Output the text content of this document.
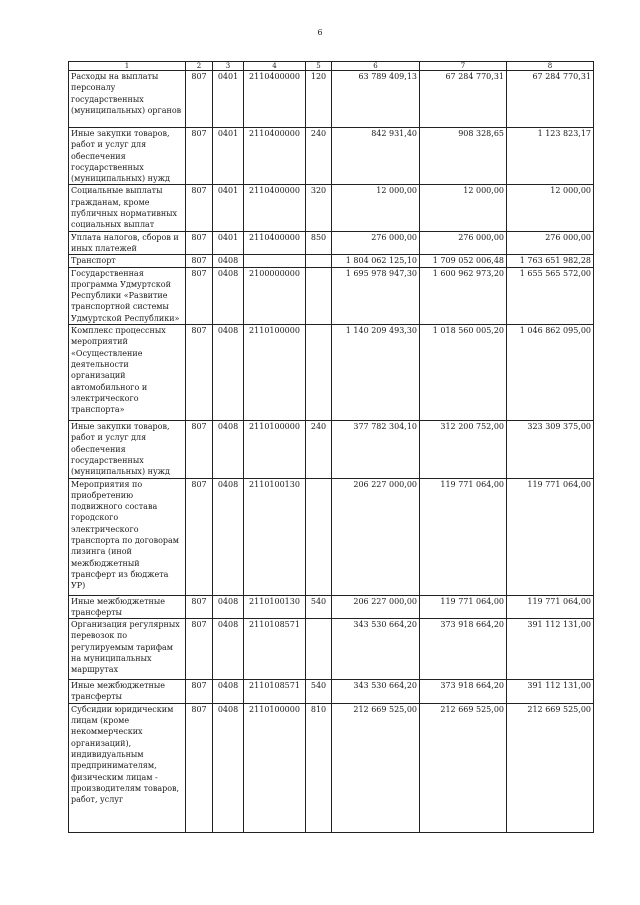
6
1	2	3	4	5	6	7	8
Расходы на выплаты персоналу государственных (муниципальных) органов	807	0401	2110400000	120	63 789 409,13	67 284 770,31	67 284 770,31
Иные закупки товаров, работ и услуг для обеспечения государственных (муниципальных) нужд	807	0401	2110400000	240	842 931,40	908 328,65	1 123 823,17
Социальные выплаты гражданам, кроме публичных нормативных социальных выплат	807	0401	2110400000	320	12 000,00	12 000,00	12 000,00
Уплата налогов, сборов и иных платежей	807	0401	2110400000	850	276 000,00	276 000,00	276 000,00
Транспорт	807	0408			1 804 062 125,10	1 709 052 006,48	1 763 651 982,28
Государственная программа Удмуртской Республики «Развитие транспортной системы Удмуртской Республики»	807	0408	2100000000		1 695 978 947,30	1 600 962 973,20	1 655 565 572,00
Комплекс процессных мероприятий «Осуществление деятельности организаций автомобильного и электрического транспорта»	807	0408	2110100000		1 140 209 493,30	1 018 560 005,20	1 046 862 095,00
Иные закупки товаров, работ и услуг для обеспечения государственных (муниципальных) нужд	807	0408	2110100000	240	377 782 304,10	312 200 752,00	323 309 375,00
Мероприятия по приобретению подвижного состава городского электрического транспорта по договорам лизинга (иной межбюджетный трансферт из бюджета УР)	807	0408	2110100130		206 227 000,00	119 771 064,00	119 771 064,00
Иные межбюджетные трансферты	807	0408	2110100130	540	206 227 000,00	119 771 064,00	119 771 064,00
Организация регулярных перевозок по регулируемым тарифам на муниципальных маршрутах	807	0408	2110108571		343 530 664,20	373 918 664,20	391 112 131,00
Иные межбюджетные трансферты	807	0408	2110108571	540	343 530 664,20	373 918 664,20	391 112 131,00
Субсидии юридическим лицам (кроме некоммерческих организаций), индивидуальным предпринимателям, физическим лицам - производителям товаров, работ, услуг	807	0408	2110100000	810	212 669 525,00	212 669 525,00	212 669 525,00
